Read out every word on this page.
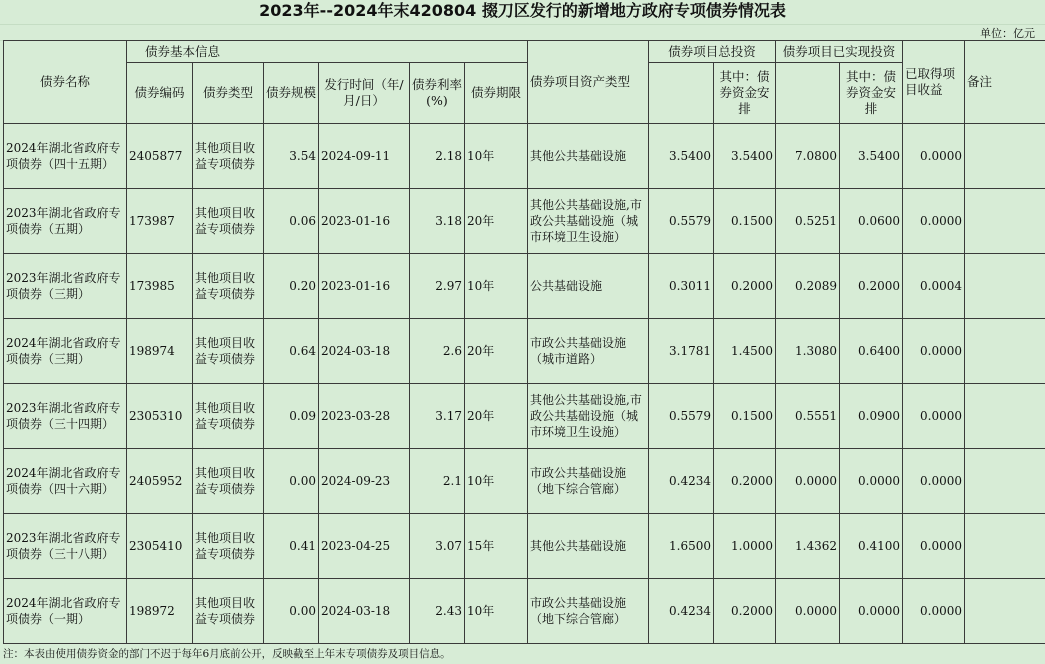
2023年--2024年末420804 掇刀区发行的新增地方政府专项债券情况表
单位：亿元
债券名称	债券基本信息						债券项目资产类型	债券项目总投资		债券项目已实现投资		已取得项目收益	备注
	债券编码	债券类型	债券规模	发行时间（年/月/日）	债券利率(%)	债券期限			其中：债券资金安排		其中：债券资金安排		
2024年湖北省政府专项债券（四十五期）	2405877	其他项目收益专项债券	3.54	2024-09-11	2.18	10年	其他公共基础设施	3.5400	3.5400	7.0800	3.5400	0.0000	
2023年湖北省政府专项债券（五期）	173987	其他项目收益专项债券	0.06	2023-01-16	3.18	20年	其他公共基础设施,市政公共基础设施（城市环境卫生设施）	0.5579	0.1500	0.5251	0.0600	0.0000	
2023年湖北省政府专项债券（三期）	173985	其他项目收益专项债券	0.20	2023-01-16	2.97	10年	公共基础设施	0.3011	0.2000	0.2089	0.2000	0.0004	
2024年湖北省政府专项债券（三期）	198974	其他项目收益专项债券	0.64	2024-03-18	2.6	20年	市政公共基础设施（城市道路）	3.1781	1.4500	1.3080	0.6400	0.0000	
2023年湖北省政府专项债券（三十四期）	2305310	其他项目收益专项债券	0.09	2023-03-28	3.17	20年	其他公共基础设施,市政公共基础设施（城市环境卫生设施）	0.5579	0.1500	0.5551	0.0900	0.0000	
2024年湖北省政府专项债券（四十六期）	2405952	其他项目收益专项债券	0.00	2024-09-23	2.1	10年	市政公共基础设施（地下综合管廊）	0.4234	0.2000	0.0000	0.0000	0.0000	
2023年湖北省政府专项债券（三十八期）	2305410	其他项目收益专项债券	0.41	2023-04-25	3.07	15年	其他公共基础设施	1.6500	1.0000	1.4362	0.4100	0.0000	
2024年湖北省政府专项债券（一期）	198972	其他项目收益专项债券	0.00	2024-03-18	2.43	10年	市政公共基础设施（地下综合管廊）	0.4234	0.2000	0.0000	0.0000	0.0000	
注：本表由使用债券资金的部门不迟于每年6月底前公开，反映截至上年末专项债券及项目信息。
